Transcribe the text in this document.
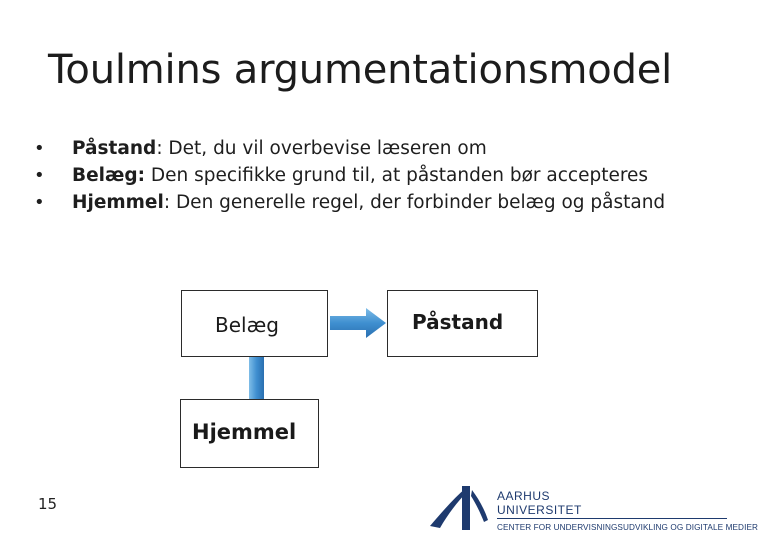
Toulmins argumentationsmodel
• Påstand: Det, du vil overbevise læseren om
• Belæg: Den specifikke grund til, at påstanden bør accepteres
• Hjemmel: Den generelle regel, der forbinder belæg og påstand
Belæg	Påstand
Hjemmel
15	AARHUS
UNIVERSITET
CENTER FOR UNDERVISNINGSUDVIKLING OG DIGITALE MEDIER
